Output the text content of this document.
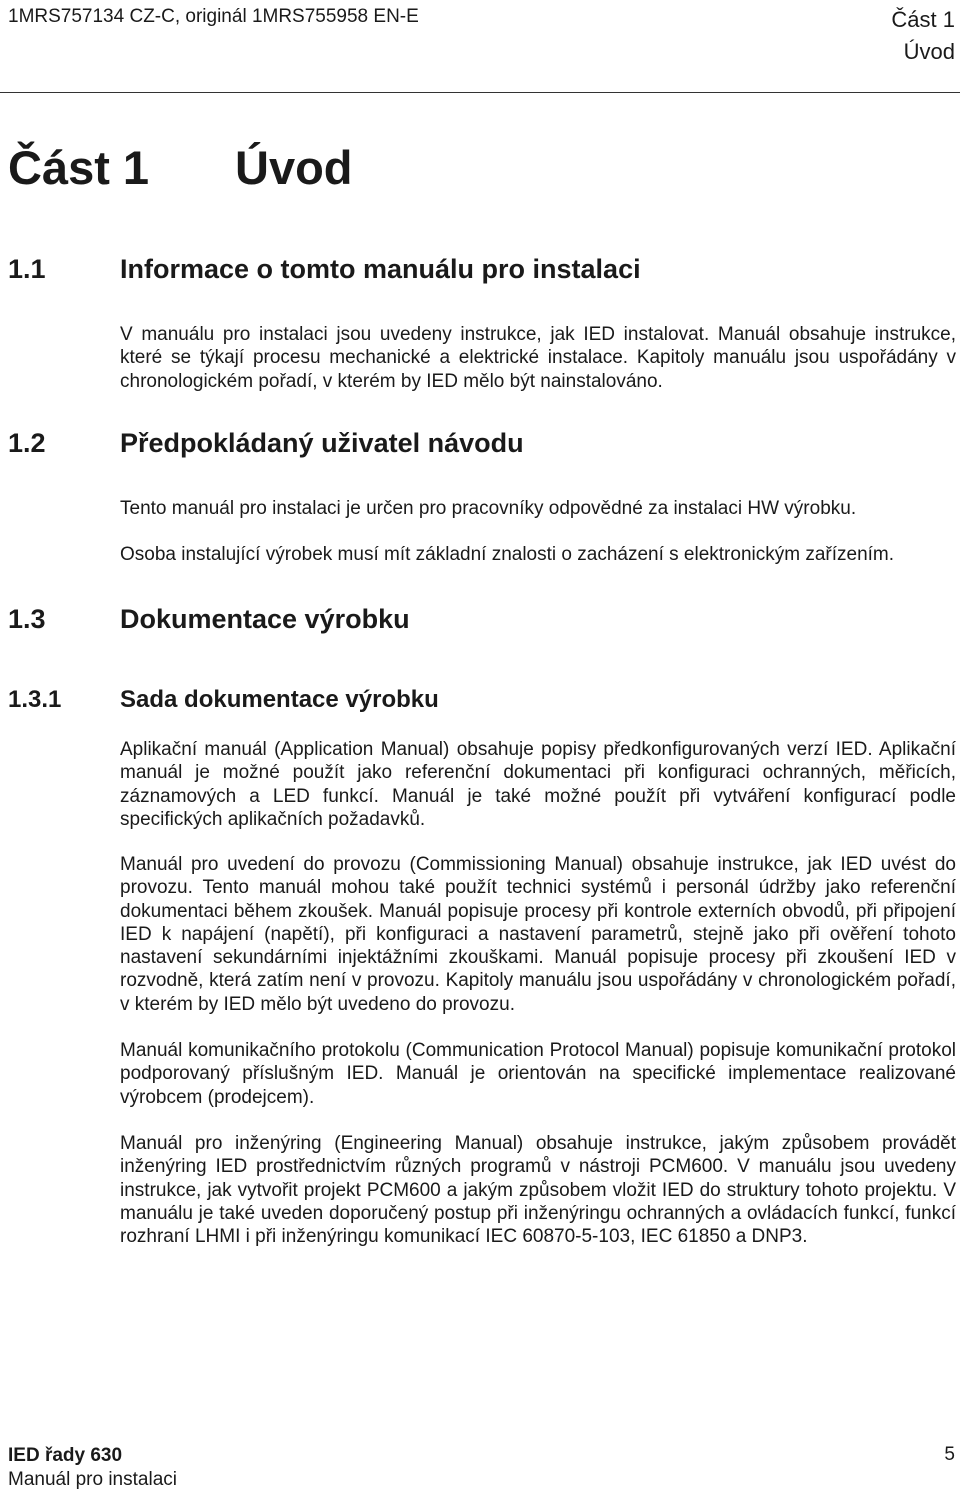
1MRS757134 CZ-C, originál 1MRS755958 EN-E	Část 1
Úvod
Část 1 Úvod
1.1	Informace o tomto manuálu pro instalaci

V manuálu pro instalaci jsou uvedeny instrukce, jak IED instalovat. Manuál obsahuje instrukce, které se týkají procesu mechanické a elektrické instalace. Kapitoly manuálu jsou uspořádány v chronologickém pořadí, v kterém by IED mělo být nainstalováno.

1.2	Předpokládaný uživatel návodu
Tento manuál pro instalaci je určen pro pracovníky odpovědné za instalaci HW výrobku.
Osoba instalující výrobek musí mít základní znalosti o zacházení s elektronickým zařízením.
1.3	Dokumentace výrobku
1.3.1 Sada dokumentace výrobku

Aplikační manuál (Application Manual) obsahuje popisy předkonfigurovaných verzí IED. Aplikační manuál je možné použít jako referenční dokumentaci při konfiguraci ochranných, měřicích, záznamových a LED funkcí. Manuál je také možné použít při vytváření konfigurací podle specifických aplikačních požadavků.

Manuál pro uvedení do provozu (Commissioning Manual) obsahuje instrukce, jak IED uvést do provozu. Tento manuál mohou také použít technici systémů i personál údržby jako referenční dokumentaci během zkoušek. Manuál popisuje procesy při kontrole externích obvodů, při připojení IED k napájení (napětí), při konfiguraci a nastavení parametrů, stejně jako při ověření tohoto nastavení sekundárními injektážními zkouškami. Manuál popisuje procesy při zkoušení IED v rozvodně, která zatím není v provozu. Kapitoly manuálu jsou uspořádány v chronologickém pořadí, v kterém by IED mělo být uvedeno do provozu.

Manuál komunikačního protokolu (Communication Protocol Manual) popisuje komunikační protokol podporovaný příslušným IED. Manuál je orientován na specifické implementace realizované výrobcem (prodejcem).

Manuál pro inženýring (Engineering Manual) obsahuje instrukce, jakým způsobem provádět inženýring IED prostřednictvím různých programů v nástroji PCM600. V manuálu jsou uvedeny instrukce, jak vytvořit projekt PCM600 a jakým způsobem vložit IED do struktury tohoto projektu. V manuálu je také uveden doporučený postup při inženýringu ochranných a ovládacích funkcí, funkcí rozhraní LHMI i při inženýringu komunikací IEC 60870-5-103, IEC 61850 a DNP3.

IED řady 630
Manuál pro instalaci
5
